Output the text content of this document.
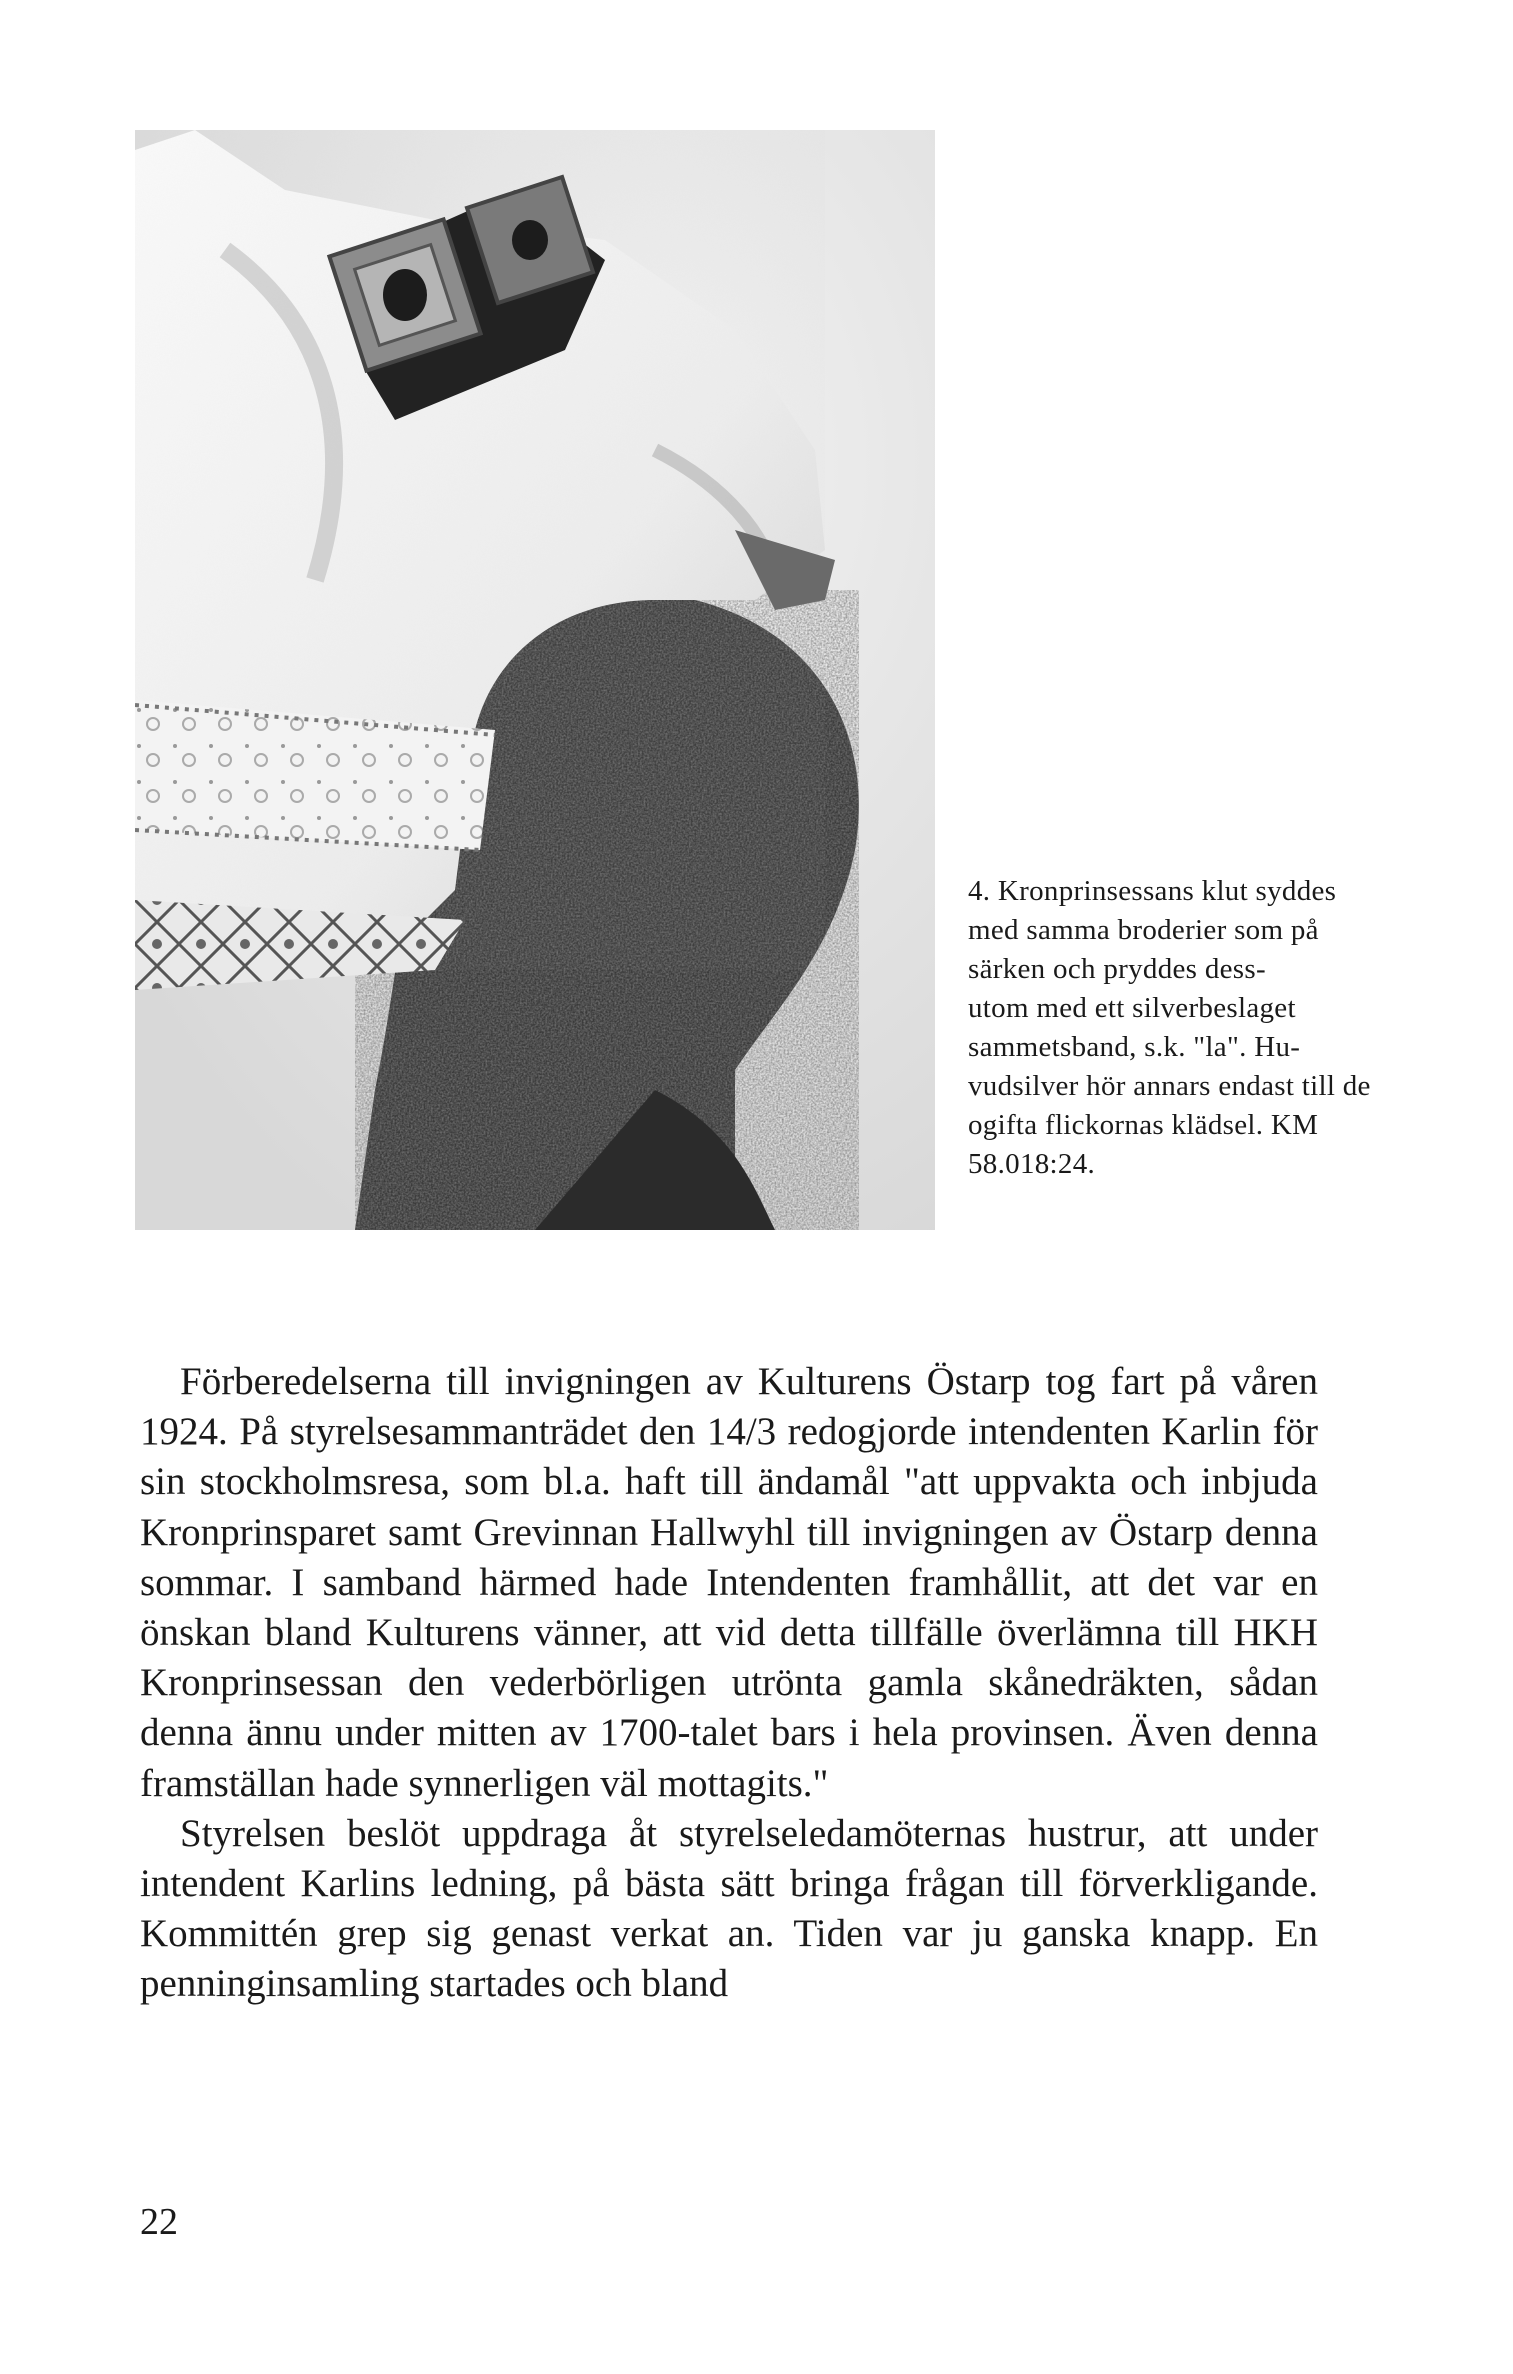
4. Kronprinsessans klut syddes
med samma broderier som på
särken och pryddes dess-
utom med ett silverbeslaget
sammetsband, s.k. "la". Hu-
vudsilver hör annars endast till de
ogifta flickornas klädsel. KM
58.018:24.

Förberedelserna till invigningen av Kulturens Östarp tog fart på våren 1924. På styrelsesammanträdet den 14/3 redogjorde intendenten Karlin för sin stockholmsresa, som bl.a. haft till ändamål "att uppvakta och inbjuda Kronprinsparet samt Grevinnan Hallwyhl till invigningen av Östarp denna sommar. I samband härmed hade Intendenten framhållit, att det var en önskan bland Kulturens vänner, att vid detta tillfälle överlämna till HKH Kronprinsessan den vederbörligen utrönta gamla skånedräkten, sådan denna ännu under mitten av 1700-talet bars i hela provinsen. Även denna framställan hade synnerligen väl mottagits."

Styrelsen beslöt uppdraga åt styrelseledamöternas hustrur, att under intendent Karlins ledning, på bästa sätt bringa frågan till förverkligande. Kommittén grep sig genast verkat an. Tiden var ju ganska knapp. En penninginsamling startades och bland

22
